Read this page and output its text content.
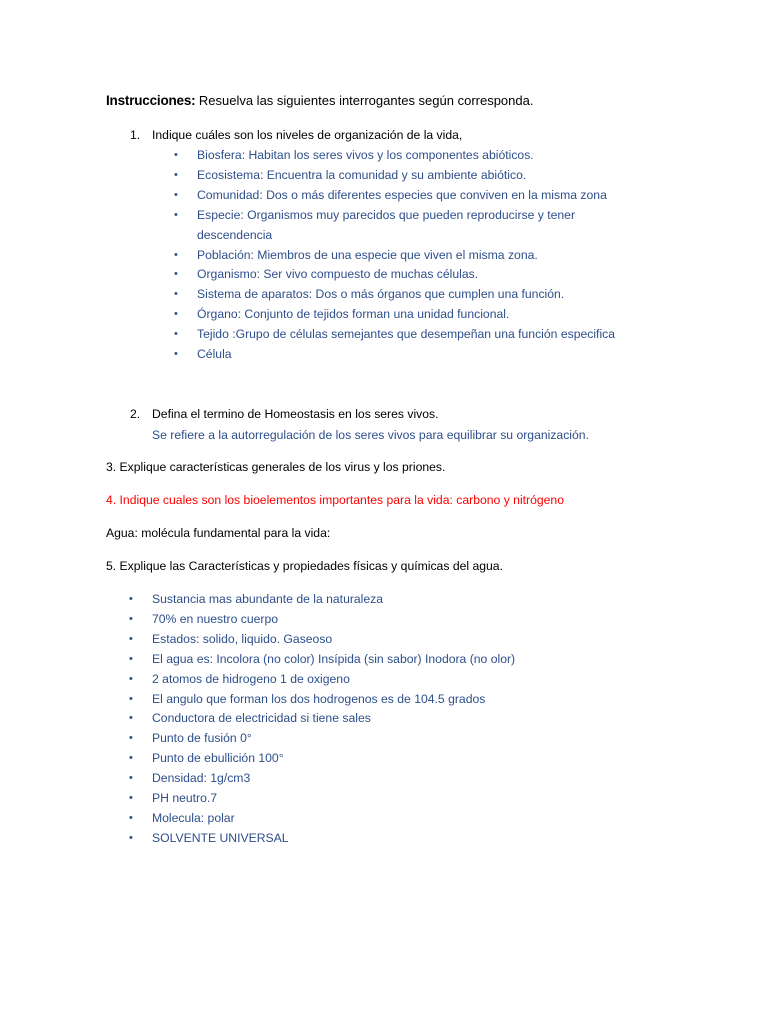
Instrucciones: Resuelva las siguientes interrogantes según corresponda.
1. Indique cuáles son los niveles de organización de la vida,
• Biosfera: Habitan los seres vivos y los componentes abióticos.
• Ecosistema: Encuentra la comunidad y su ambiente abiótico.
• Comunidad: Dos o más diferentes especies que conviven en la misma zona
• Especie: Organismos muy parecidos que pueden reproducirse y tener
descendencia
• Población: Miembros de una especie que viven el misma zona.
• Organismo: Ser vivo compuesto de muchas células.
• Sistema de aparatos: Dos o más órganos que cumplen una función.
• Órgano: Conjunto de tejidos forman una unidad funcional.
• Tejido :Grupo de células semejantes que desempeñan una función especifica
• Célula
2. Defina el termino de Homeostasis en los seres vivos.
Se refiere a la autorregulación de los seres vivos para equilibrar su organización.
3. Explique características generales de los virus y los priones.
4. Indique cuales son los bioelementos importantes para la vida: carbono y nitrógeno
Agua: molécula fundamental para la vida:
5. Explique las Características y propiedades físicas y químicas del agua.
• Sustancia mas abundante de la naturaleza
• 70% en nuestro cuerpo
• Estados: solido, liquido. Gaseoso
• El agua es: Incolora (no color) Insípida (sin sabor) Inodora (no olor)
• 2 atomos de hidrogeno 1 de oxigeno
• El angulo que forman los dos hodrogenos es de 104.5 grados
• Conductora de electricidad si tiene sales
• Punto de fusión 0°
• Punto de ebullición 100°
• Densidad: 1g/cm3
• PH neutro.7
• Molecula: polar
• SOLVENTE UNIVERSAL
